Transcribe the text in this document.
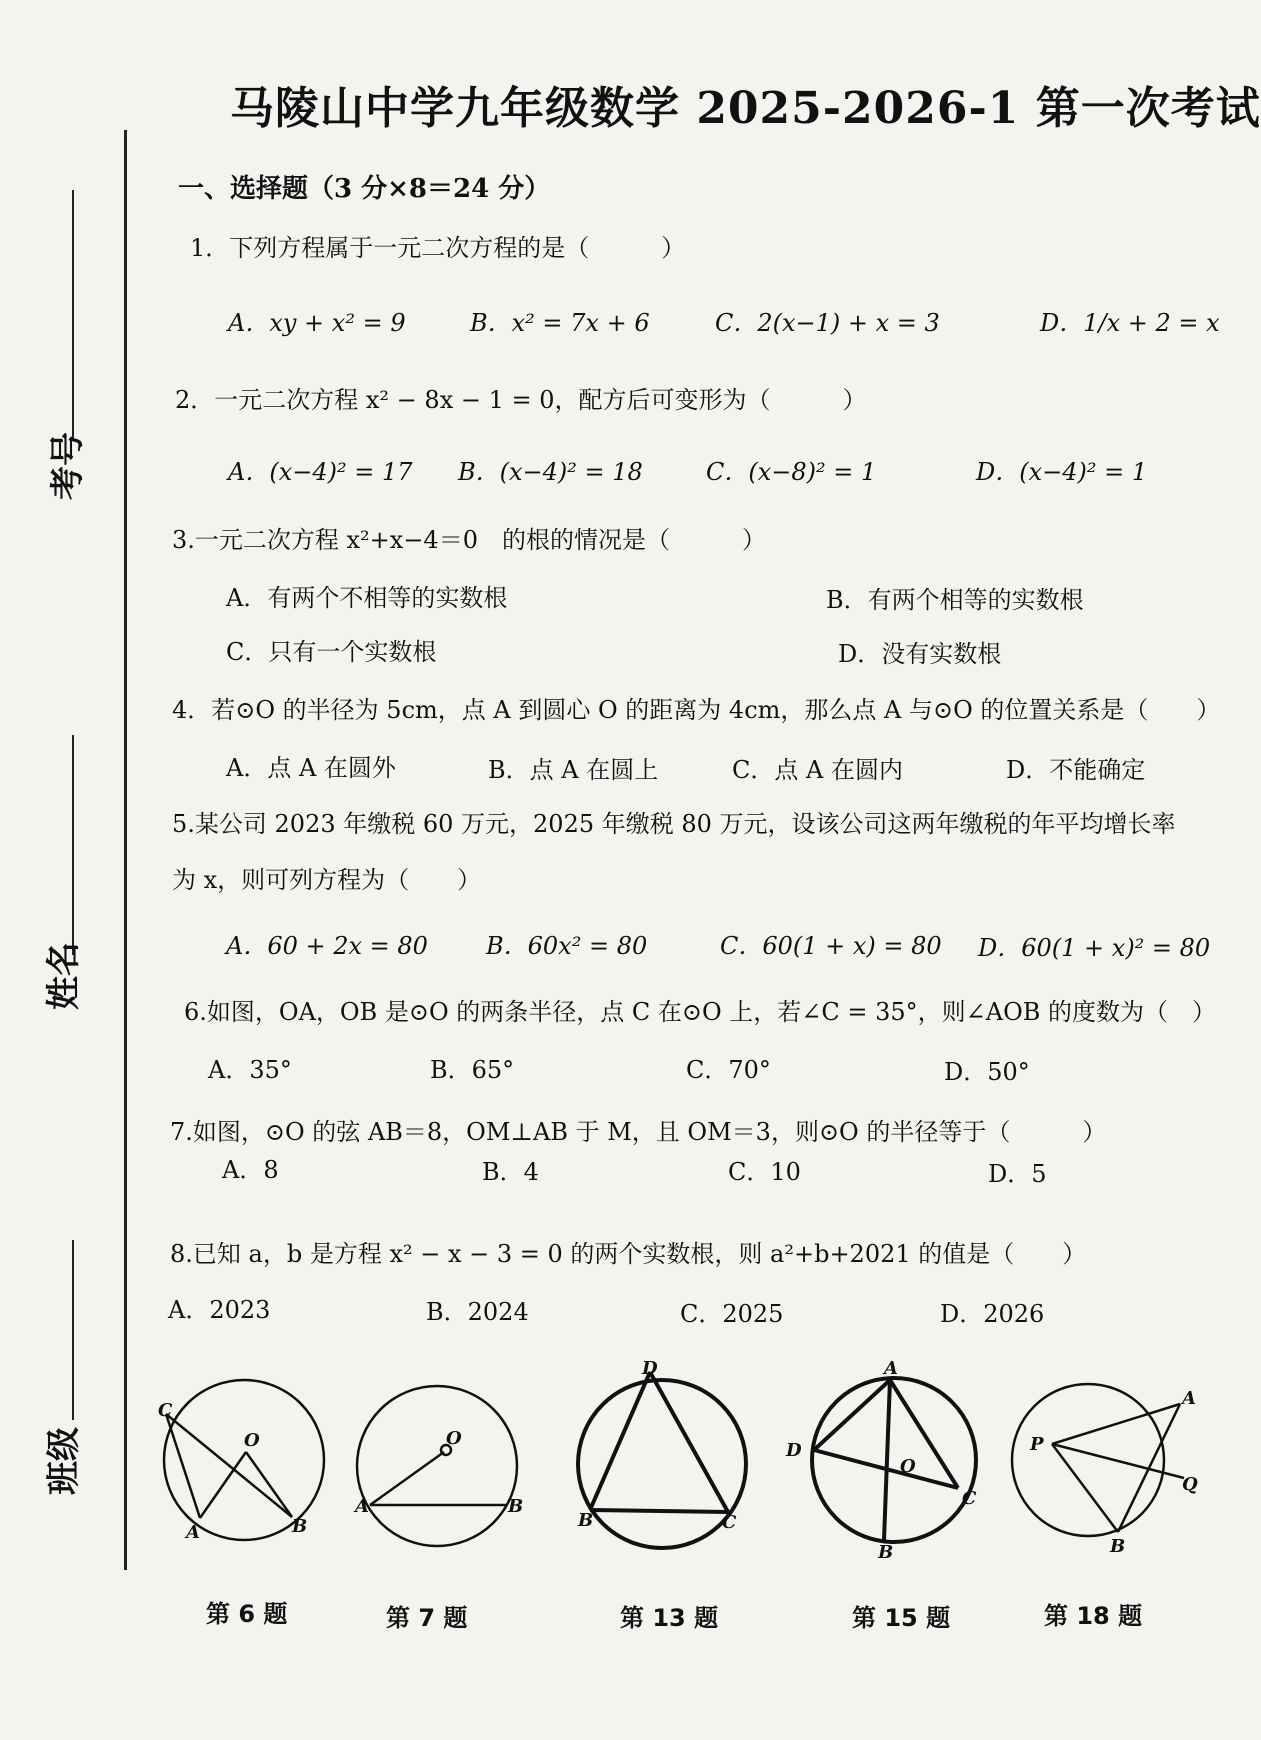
马陵山中学九年级数学 2025-2026-1 第一次考试
一、选择题（3 分×8＝24 分）
考号
姓名
班级
1．下列方程属于一元二次方程的是（　　　）
A．xy + x² = 9	B．x² = 7x + 6	C．2(x−1) + x = 3	D．1/x + 2 = x
2．一元二次方程 x² − 8x − 1 = 0，配方后可变形为（　　　）
A．(x−4)² = 17 B．(x−4)² = 18	C．(x−8)² = 1	D．(x−4)² = 1
3.一元二次方程 x²+x−4＝0　的根的情况是（　　　）
A．有两个不相等的实数根	B．有两个相等的实数根
C．只有一个实数根	D．没有实数根
4．若⊙O 的半径为 5cm，点 A 到圆心 O 的距离为 4cm，那么点 A 与⊙O 的位置关系是（　　）
A．点 A 在圆外	B．点 A 在圆上	C．点 A 在圆内	D．不能确定
5.某公司 2023 年缴税 60 万元，2025 年缴税 80 万元，设该公司这两年缴税的年平均增长率
为 x，则可列方程为（　　）
A．60 + 2x = 80 B．60x² = 80	C．60(1 + x) = 80 D．60(1 + x)² = 80
6.如图，OA，OB 是⊙O 的两条半径，点 C 在⊙O 上，若∠C = 35°，则∠AOB 的度数为（　）
A．35°	B．65°	C．70°	D．50°
7.如图，⊙O 的弦 AB＝8，OM⊥AB 于 M，且 OM＝3，则⊙O 的半径等于（　　　）
A．8	B．4	C．10	D．5
8.已知 a，b 是方程 x² − x − 3 = 0 的两个实数根，则 a²+b+2021 的值是（　　）
A．2023	B．2024	C．2025	D．2026
C
O
A	B
O
A	B
D
B	C
A
D
O
C
B
A
P
Q
B
第 6 题	第 7 题	第 13 题	第 15 题	第 18 题
